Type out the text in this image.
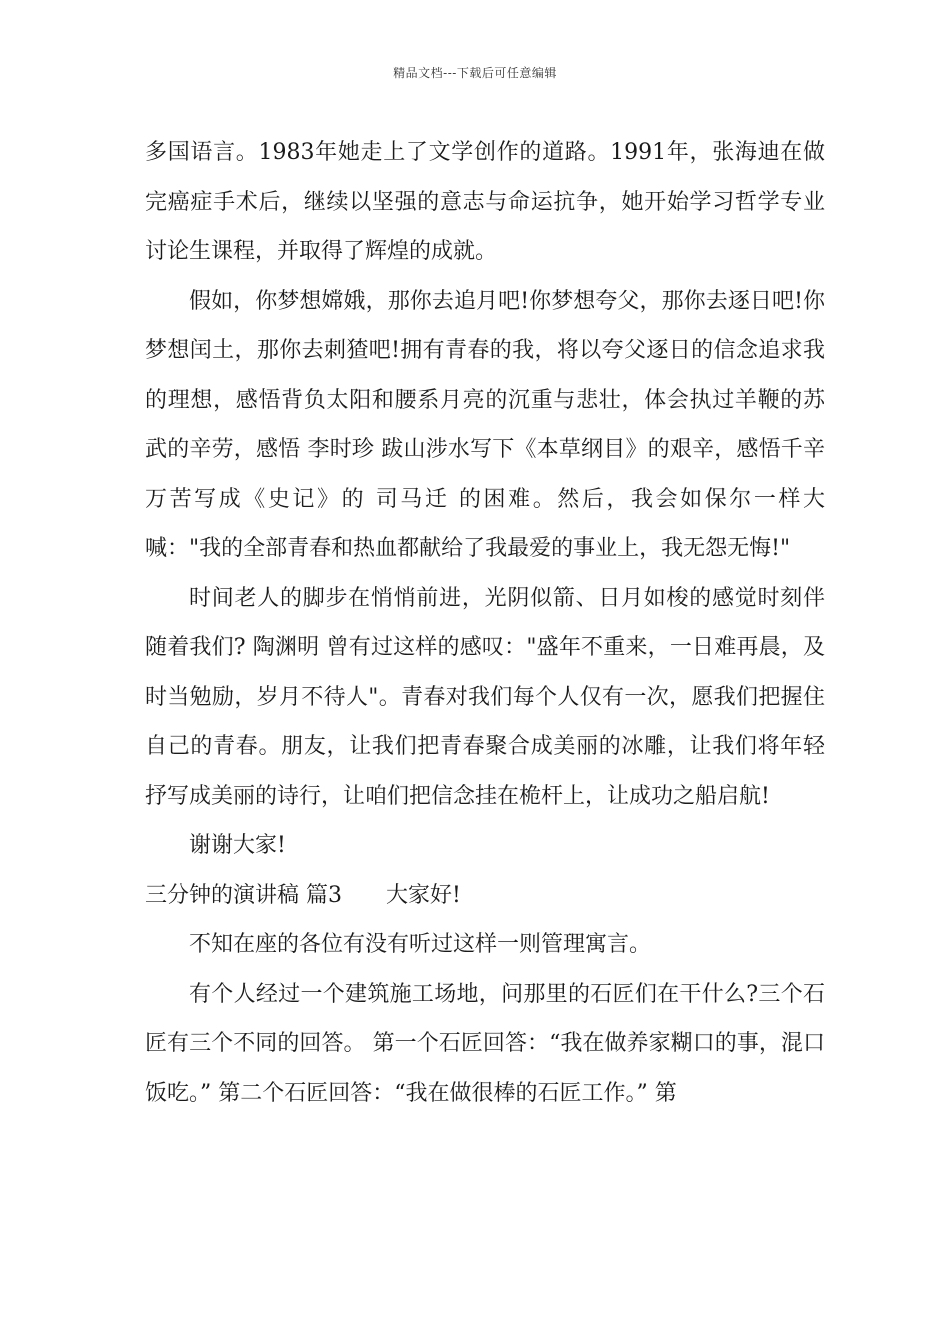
精品文档---下载后可任意编辑

多国语言。1983年她走上了文学创作的道路。1991年，张海迪在做完癌症手术后，继续以坚强的意志与命运抗争，她开始学习哲学专业讨论生课程，并取得了辉煌的成就。

假如，你梦想嫦娥，那你去追月吧!你梦想夸父，那你去逐日吧!你梦想闰土，那你去刺猹吧!拥有青春的我，将以夸父逐日的信念追求我的理想，感悟背负太阳和腰系月亮的沉重与悲壮，体会执过羊鞭的苏武的辛劳，感悟 李时珍 跋山涉水写下《本草纲目》的艰辛，感悟千辛万苦写成《史记》的 司马迁 的困难。然后，我会如保尔一样大喊："我的全部青春和热血都献给了我最爱的事业上，我无怨无悔!"

时间老人的脚步在悄悄前进，光阴似箭、日月如梭的感觉时刻伴随着我们? 陶渊明 曾有过这样的感叹："盛年不重来，一日难再晨，及时当勉励，岁月不待人"。青春对我们每个人仅有一次，愿我们把握住自己的青春。朋友，让我们把青春聚合成美丽的冰雕，让我们将年轻抒写成美丽的诗行，让咱们把信念挂在桅杆上，让成功之船启航!

谢谢大家!

三分钟的演讲稿 篇3　　大家好!

不知在座的各位有没有听过这样一则管理寓言。

有个人经过一个建筑施工场地，问那里的石匠们在干什么?三个石匠有三个不同的回答。 第一个石匠回答：“我在做养家糊口的事，混口饭吃。” 第二个石匠回答：“我在做很棒的石匠工作。” 第
